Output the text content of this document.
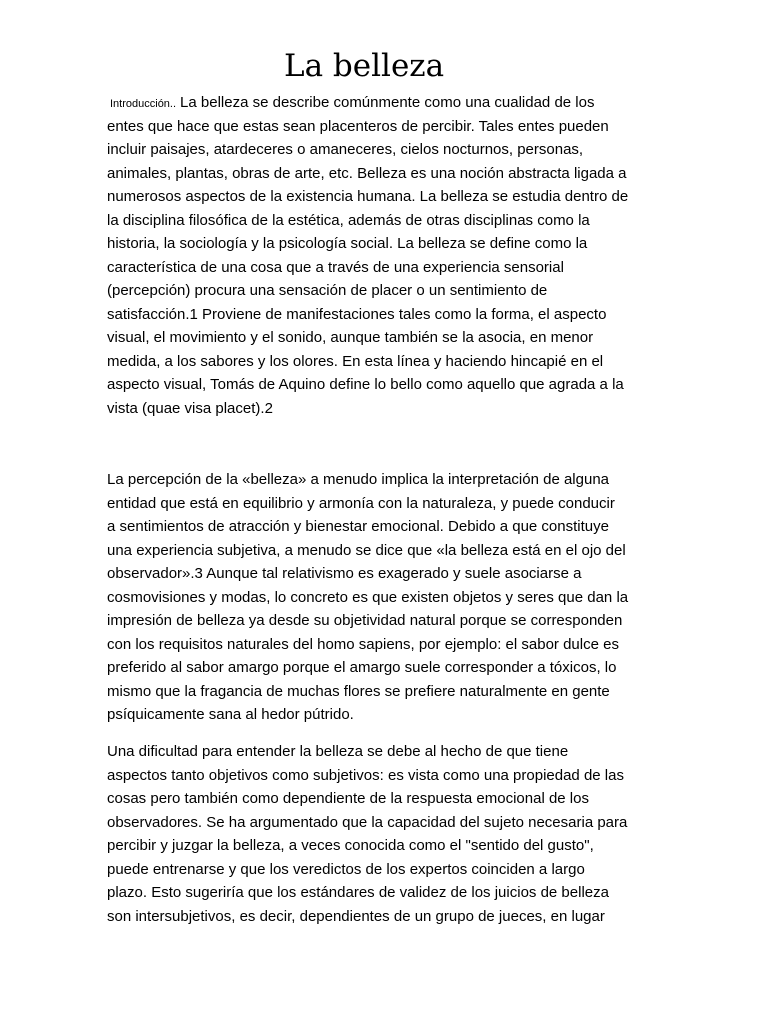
La belleza
Introducción.. La belleza se describe comúnmente como una cualidad de los
entes que hace que estas sean placenteros de percibir. Tales entes pueden
incluir paisajes, atardeceres o amaneceres, cielos nocturnos, personas,
animales, plantas, obras de arte, etc. Belleza es una noción abstracta ligada a
numerosos aspectos de la existencia humana. La belleza se estudia dentro de
la disciplina filosófica de la estética, además de otras disciplinas como la
historia, la sociología y la psicología social. La belleza se define como la
característica de una cosa que a través de una experiencia sensorial
(percepción) procura una sensación de placer o un sentimiento de
satisfacción.1 Proviene de manifestaciones tales como la forma, el aspecto
visual, el movimiento y el sonido, aunque también se la asocia, en menor
medida, a los sabores y los olores. En esta línea y haciendo hincapié en el
aspecto visual, Tomás de Aquino define lo bello como aquello que agrada a la
vista (quae visa placet).2
La percepción de la «belleza» a menudo implica la interpretación de alguna
entidad que está en equilibrio y armonía con la naturaleza, y puede conducir
a sentimientos de atracción y bienestar emocional. Debido a que constituye
una experiencia subjetiva, a menudo se dice que «la belleza está en el ojo del
observador».3 Aunque tal relativismo es exagerado y suele asociarse a
cosmovisiones y modas, lo concreto es que existen objetos y seres que dan la
impresión de belleza ya desde su objetividad natural porque se corresponden
con los requisitos naturales del homo sapiens, por ejemplo: el sabor dulce es
preferido al sabor amargo porque el amargo suele corresponder a tóxicos, lo
mismo que la fragancia de muchas flores se prefiere naturalmente en gente
psíquicamente sana al hedor pútrido.
Una dificultad para entender la belleza se debe al hecho de que tiene
aspectos tanto objetivos como subjetivos: es vista como una propiedad de las
cosas pero también como dependiente de la respuesta emocional de los
observadores. Se ha argumentado que la capacidad del sujeto necesaria para
percibir y juzgar la belleza, a veces conocida como el "sentido del gusto",
puede entrenarse y que los veredictos de los expertos coinciden a largo
plazo. Esto sugeriría que los estándares de validez de los juicios de belleza
son intersubjetivos, es decir, dependientes de un grupo de jueces, en lugar
